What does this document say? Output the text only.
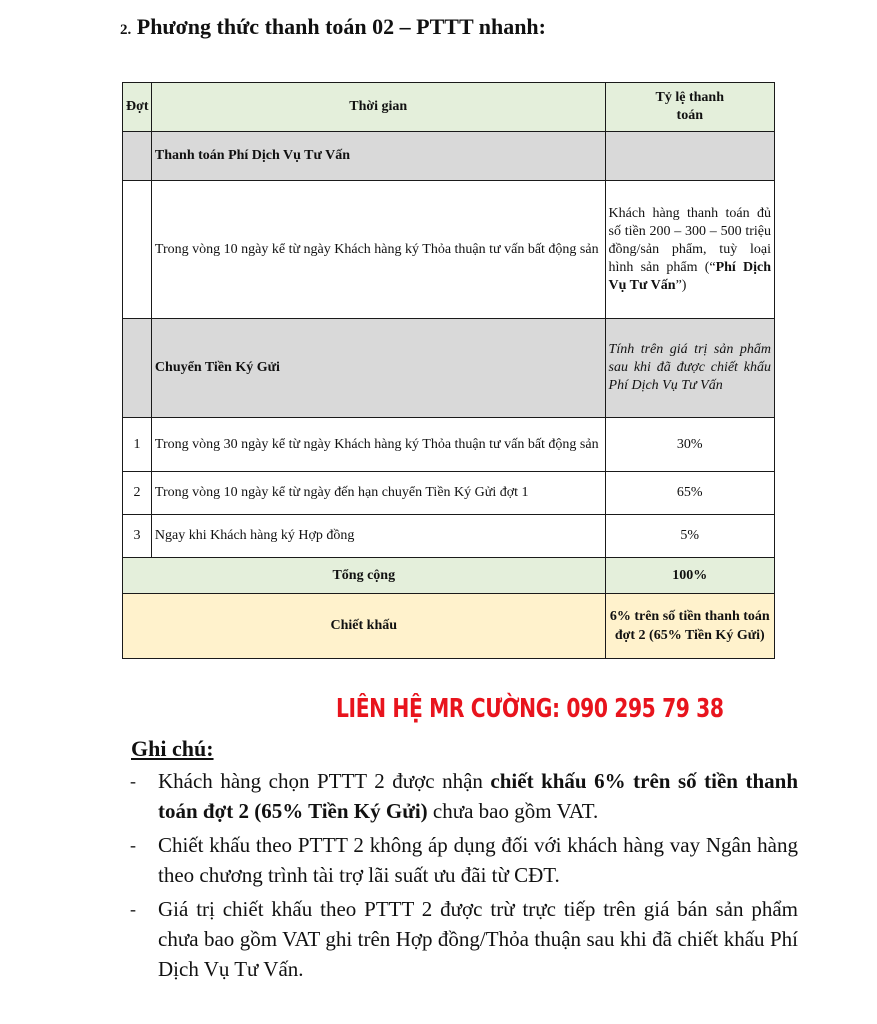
2. Phương thức thanh toán 02 – PTTT nhanh:
Đợt	Thời gian	Tỷ lệ thanh toán
	Thanh toán Phí Dịch Vụ Tư Vấn	
	Trong vòng 10 ngày kể từ ngày Khách hàng ký Thỏa thuận tư vấn bất động sản	Khách hàng thanh toán đủ số tiền 200 – 300 – 500 triệu đồng/sản phẩm, tuỳ loại hình sản phẩm (“Phí Dịch Vụ Tư Vấn”)
	Chuyển Tiền Ký Gửi	Tính trên giá trị sản phẩm sau khi đã được chiết khấu Phí Dịch Vụ Tư Vấn
1	Trong vòng 30 ngày kể từ ngày Khách hàng ký Thỏa thuận tư vấn bất động sản	30%
2	Trong vòng 10 ngày kể từ ngày đến hạn chuyển Tiền Ký Gửi đợt 1	65%
3	Ngay khi Khách hàng ký Hợp đồng	5%
Tổng cộng		100%
Chiết khấu		6% trên số tiền thanh toán đợt 2 (65% Tiền Ký Gửi)
LIÊN HỆ MR CƯỜNG: 090 295 79 38
Ghi chú:
- Khách hàng chọn PTTT 2 được nhận chiết khấu 6% trên số tiền thanh toán đợt 2 (65% Tiền Ký Gửi) chưa bao gồm VAT.
- Chiết khấu theo PTTT 2 không áp dụng đối với khách hàng vay Ngân hàng theo chương trình tài trợ lãi suất ưu đãi từ CĐT.
- Giá trị chiết khấu theo PTTT 2 được trừ trực tiếp trên giá bán sản phẩm chưa bao gồm VAT ghi trên Hợp đồng/Thỏa thuận sau khi đã chiết khấu Phí Dịch Vụ Tư Vấn.
